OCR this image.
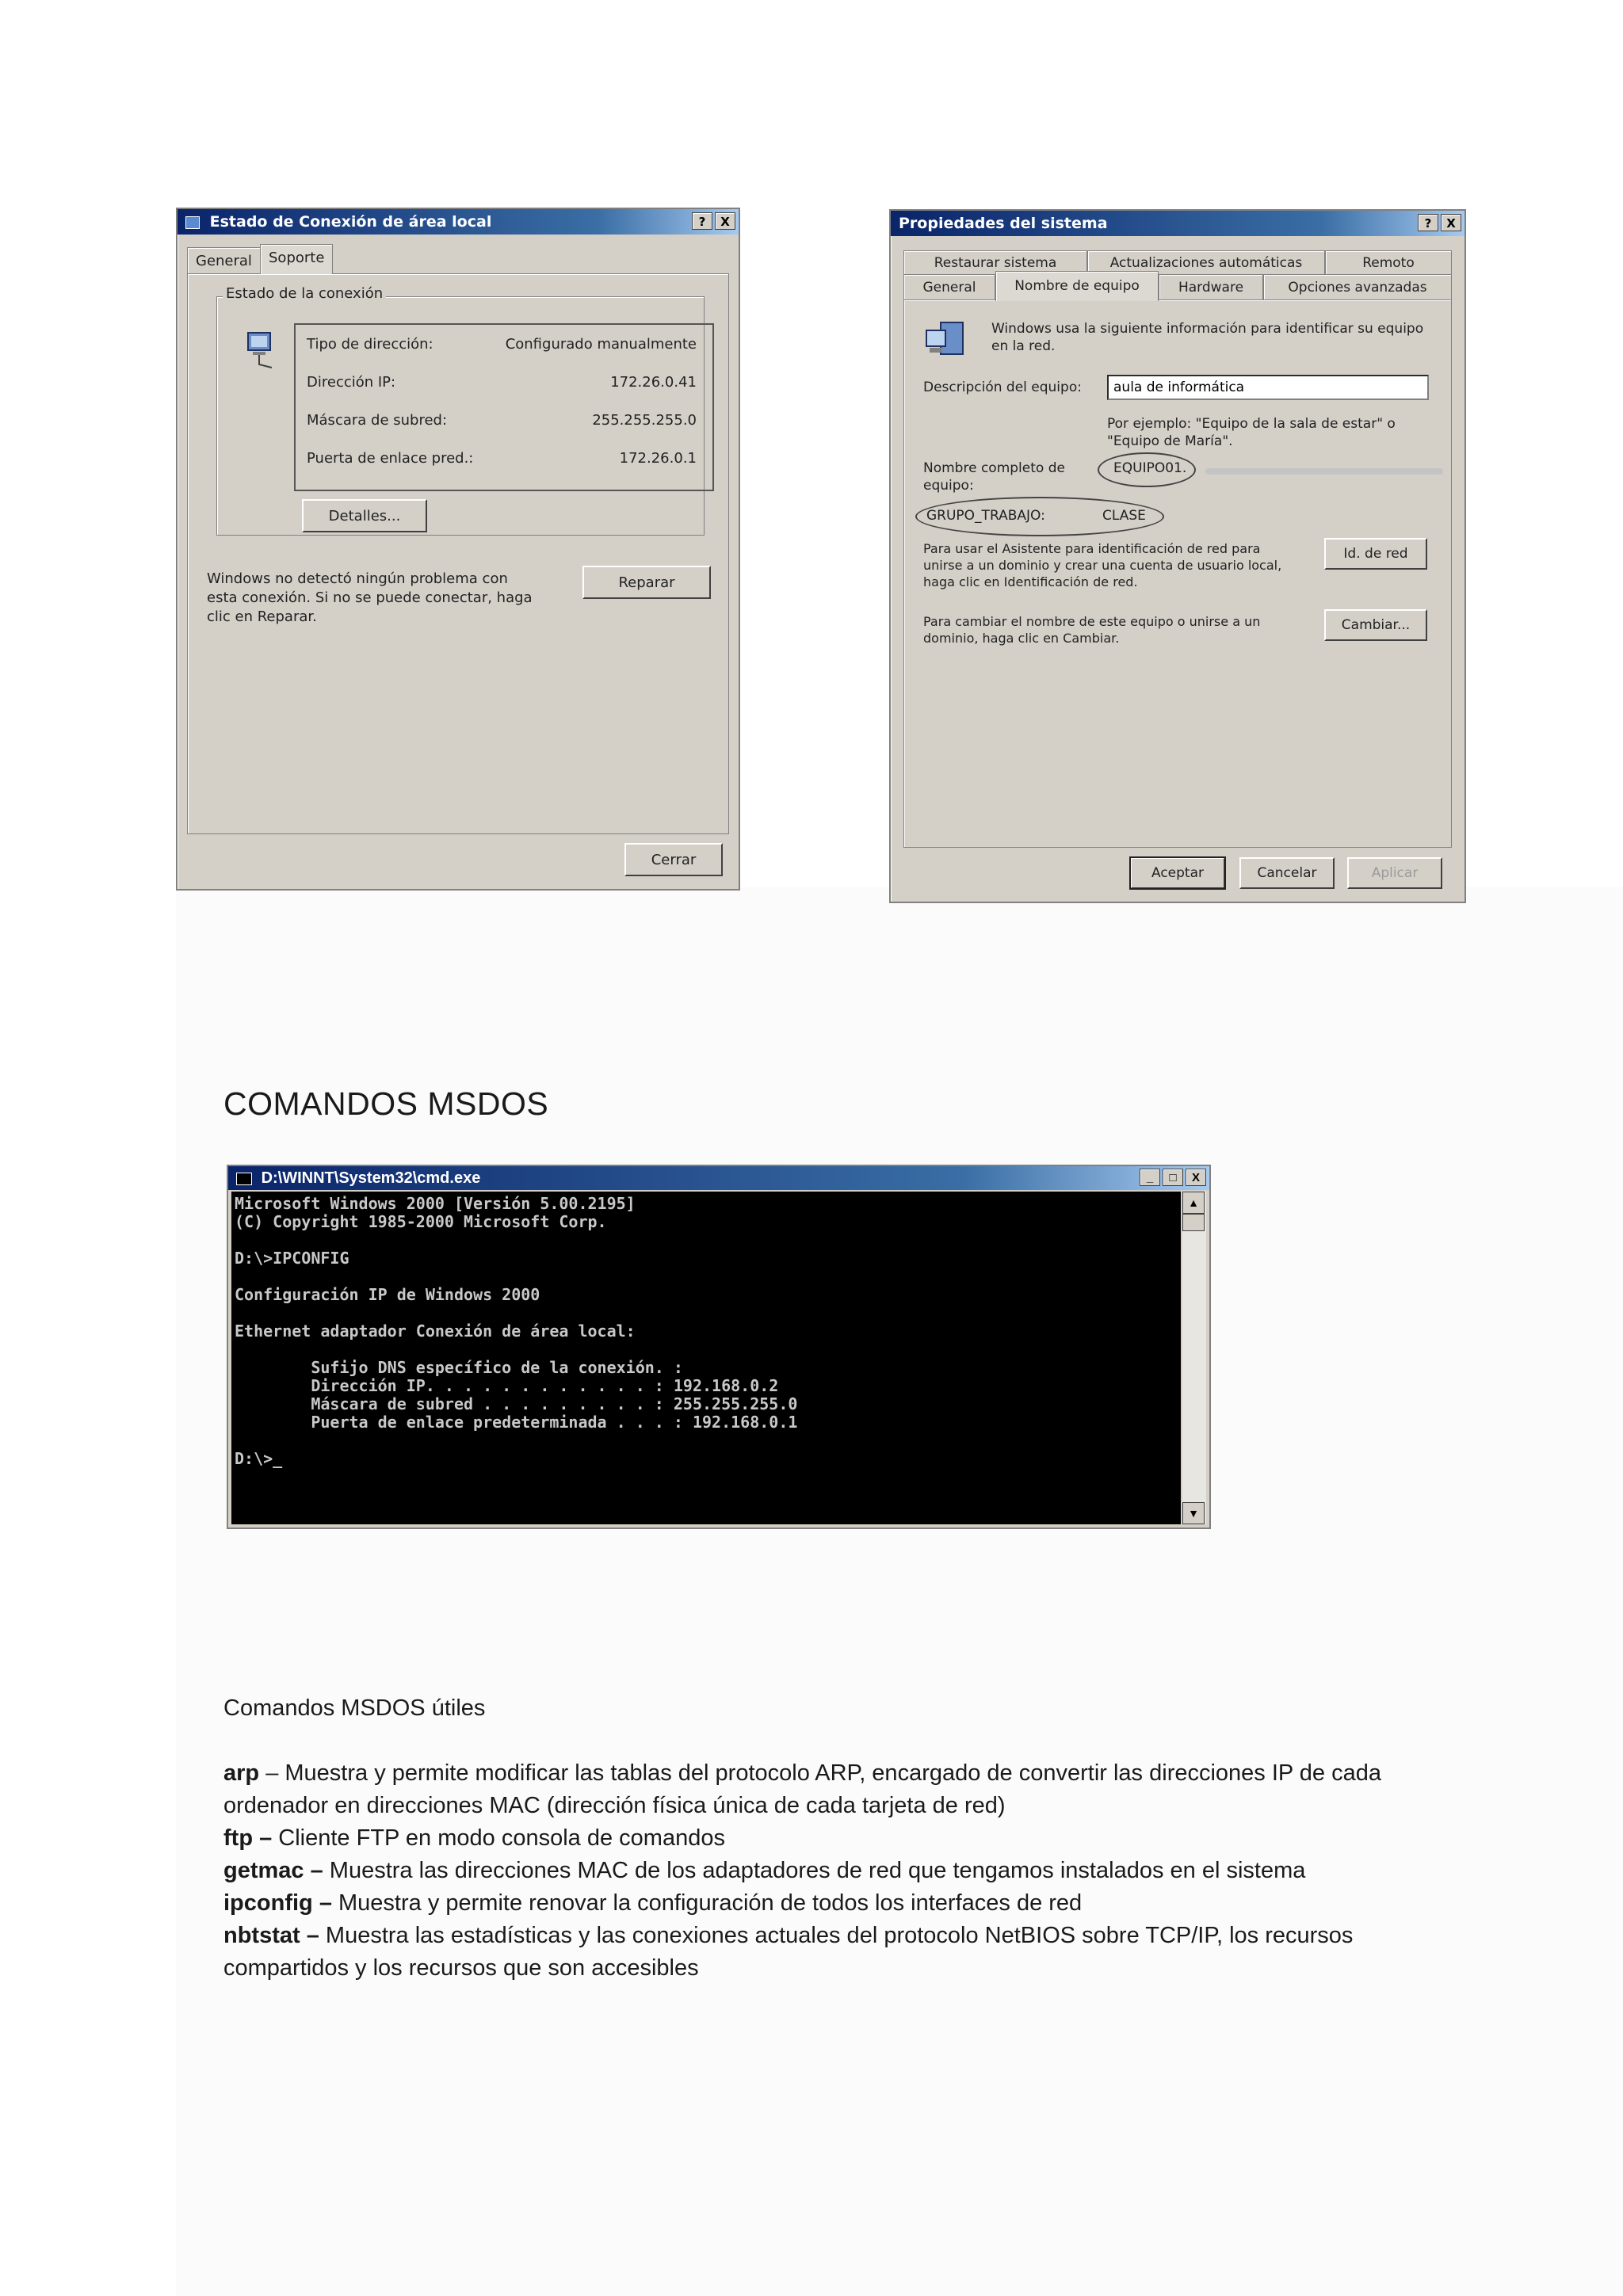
Estado de Conexión de área local	?	X
General	Soporte
Estado de la conexión
Tipo de dirección:	Configurado manualmente
Dirección IP:	172.26.0.41
Máscara de subred:	255.255.255.0
Puerta de enlace pred.:	172.26.0.1
Detalles...
Windows no detectó ningún problema con
esta conexión. Si no se puede conectar, haga
clic en Reparar.
Reparar
Cerrar
Propiedades del sistema	?	X
Restaurar sistema	Actualizaciones automáticas	Remoto
General	Nombre de equipo	Hardware	Opciones avanzadas
Windows usa la siguiente información para identificar su equipo
en la red.
Descripción del equipo:
aula de informática
Por ejemplo: "Equipo de la sala de estar" o
"Equipo de María".
Nombre completo de
equipo:
EQUIPO01.
GRUPO_TRABAJO:	CLASE
Para usar el Asistente para identificación de red para
unirse a un dominio y crear una cuenta de usuario local,
haga clic en Identificación de red.
Id. de red
Para cambiar el nombre de este equipo o unirse a un
dominio, haga clic en Cambiar.
Cambiar...
Aceptar	Cancelar	Aplicar
COMANDOS MSDOS
D:\WINNT\System32\cmd.exe	_	□	X
Microsoft Windows 2000 [Versión 5.00.2195]
(C) Copyright 1985-2000 Microsoft Corp.

D:\>IPCONFIG

Configuración IP de Windows 2000

Ethernet adaptador Conexión de área local:

Sufijo DNS específico de la conexión. :
Dirección IP. . . . . . . . . . . . : 192.168.0.2
Máscara de subred . . . . . . . . . : 255.255.255.0
Puerta de enlace predeterminada . . . : 192.168.0.1

D:\>_
▲
▼
Comandos MSDOS útiles

arp – Muestra y permite modificar las tablas del protocolo ARP, encargado de convertir las direcciones IP de cada ordenador en direcciones MAC (dirección física única de cada tarjeta de red)

ftp – Cliente FTP en modo consola de comandos

getmac – Muestra las direcciones MAC de los adaptadores de red que tengamos instalados en el sistema

ipconfig – Muestra y permite renovar la configuración de todos los interfaces de red

nbtstat – Muestra las estadísticas y las conexiones actuales del protocolo NetBIOS sobre TCP/IP, los recursos compartidos y los recursos que son accesibles
